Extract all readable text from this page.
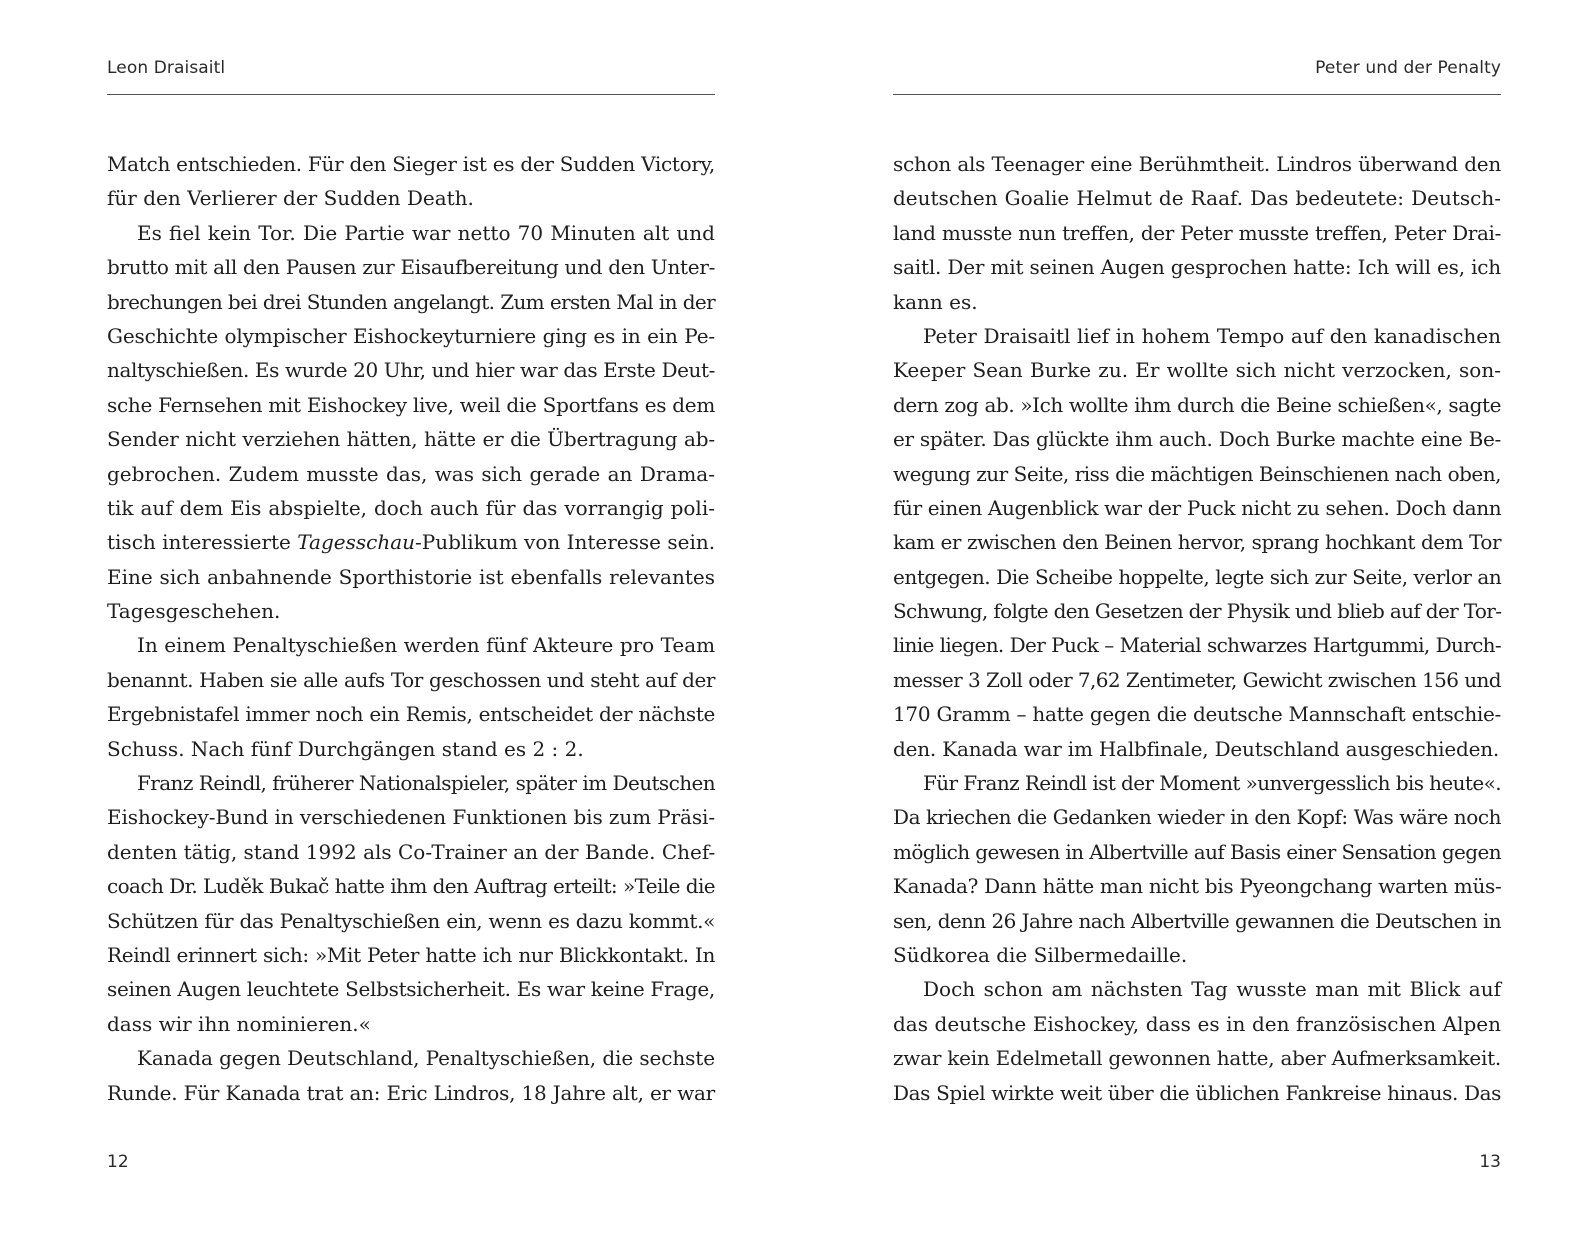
Leon Draisaitl
Match entschieden. Für den Sieger ist es der Sudden Victory,
für den Verlierer der Sudden Death.
Es fiel kein Tor. Die Partie war netto 70 Minuten alt und
brutto mit all den Pausen zur Eisaufbereitung und den Unter-
brechungen bei drei Stunden angelangt. Zum ersten Mal in der
Geschichte olympischer Eishockeyturniere ging es in ein Pe-
naltyschießen. Es wurde 20 Uhr, und hier war das Erste Deut-
sche Fernsehen mit Eishockey live, weil die Sportfans es dem
Sender nicht verziehen hätten, hätte er die Übertragung ab-
gebrochen. Zudem musste das, was sich gerade an Drama-
tik auf dem Eis abspielte, doch auch für das vorrangig poli-
tisch interessierte Tagesschau-Publikum von Interesse sein.
Eine sich anbahnende Sporthistorie ist ebenfalls relevantes
Tagesgeschehen.
In einem Penaltyschießen werden fünf Akteure pro Team
benannt. Haben sie alle aufs Tor geschossen und steht auf der
Ergebnistafel immer noch ein Remis, entscheidet der nächste
Schuss. Nach fünf Durchgängen stand es 2 : 2.
Franz Reindl, früherer Nationalspieler, später im Deutschen
Eishockey-Bund in verschiedenen Funktionen bis zum Präsi-
denten tätig, stand 1992 als Co-Trainer an der Bande. Chef-
coach Dr. Luděk Bukač hatte ihm den Auftrag erteilt: »Teile die
Schützen für das Penaltyschießen ein, wenn es dazu kommt.«
Reindl erinnert sich: »Mit Peter hatte ich nur Blickkontakt. In
seinen Augen leuchtete Selbstsicherheit. Es war keine Frage,
dass wir ihn nominieren.«
Kanada gegen Deutschland, Penaltyschießen, die sechste
Runde. Für Kanada trat an: Eric Lindros, 18 Jahre alt, er war
12
Peter und der Penalty
schon als Teenager eine Berühmtheit. Lindros überwand den
deutschen Goalie Helmut de Raaf. Das bedeutete: Deutsch-
land musste nun treffen, der Peter musste treffen, Peter Drai-
saitl. Der mit seinen Augen gesprochen hatte: Ich will es, ich
kann es.
Peter Draisaitl lief in hohem Tempo auf den kanadischen
Keeper Sean Burke zu. Er wollte sich nicht verzocken, son-
dern zog ab. »Ich wollte ihm durch die Beine schießen«, sagte
er später. Das glückte ihm auch. Doch Burke machte eine Be-
wegung zur Seite, riss die mächtigen Beinschienen nach oben,
für einen Augenblick war der Puck nicht zu sehen. Doch dann
kam er zwischen den Beinen hervor, sprang hochkant dem Tor
entgegen. Die Scheibe hoppelte, legte sich zur Seite, verlor an
Schwung, folgte den Gesetzen der Physik und blieb auf der Tor-
linie liegen. Der Puck – Material schwarzes Hartgummi, Durch-
messer 3 Zoll oder 7,62 Zentimeter, Gewicht zwischen 156 und
170 Gramm – hatte gegen die deutsche Mannschaft entschie-
den. Kanada war im Halbfinale, Deutschland ausgeschieden.
Für Franz Reindl ist der Moment »unvergesslich bis heute«.
Da kriechen die Gedanken wieder in den Kopf: Was wäre noch
möglich gewesen in Albertville auf Basis einer Sensation gegen
Kanada? Dann hätte man nicht bis Pyeongchang warten müs-
sen, denn 26 Jahre nach Albertville gewannen die Deutschen in
Südkorea die Silbermedaille.
Doch schon am nächsten Tag wusste man mit Blick auf
das deutsche Eishockey, dass es in den französischen Alpen
zwar kein Edelmetall gewonnen hatte, aber Aufmerksamkeit.
Das Spiel wirkte weit über die üblichen Fankreise hinaus. Das
13
